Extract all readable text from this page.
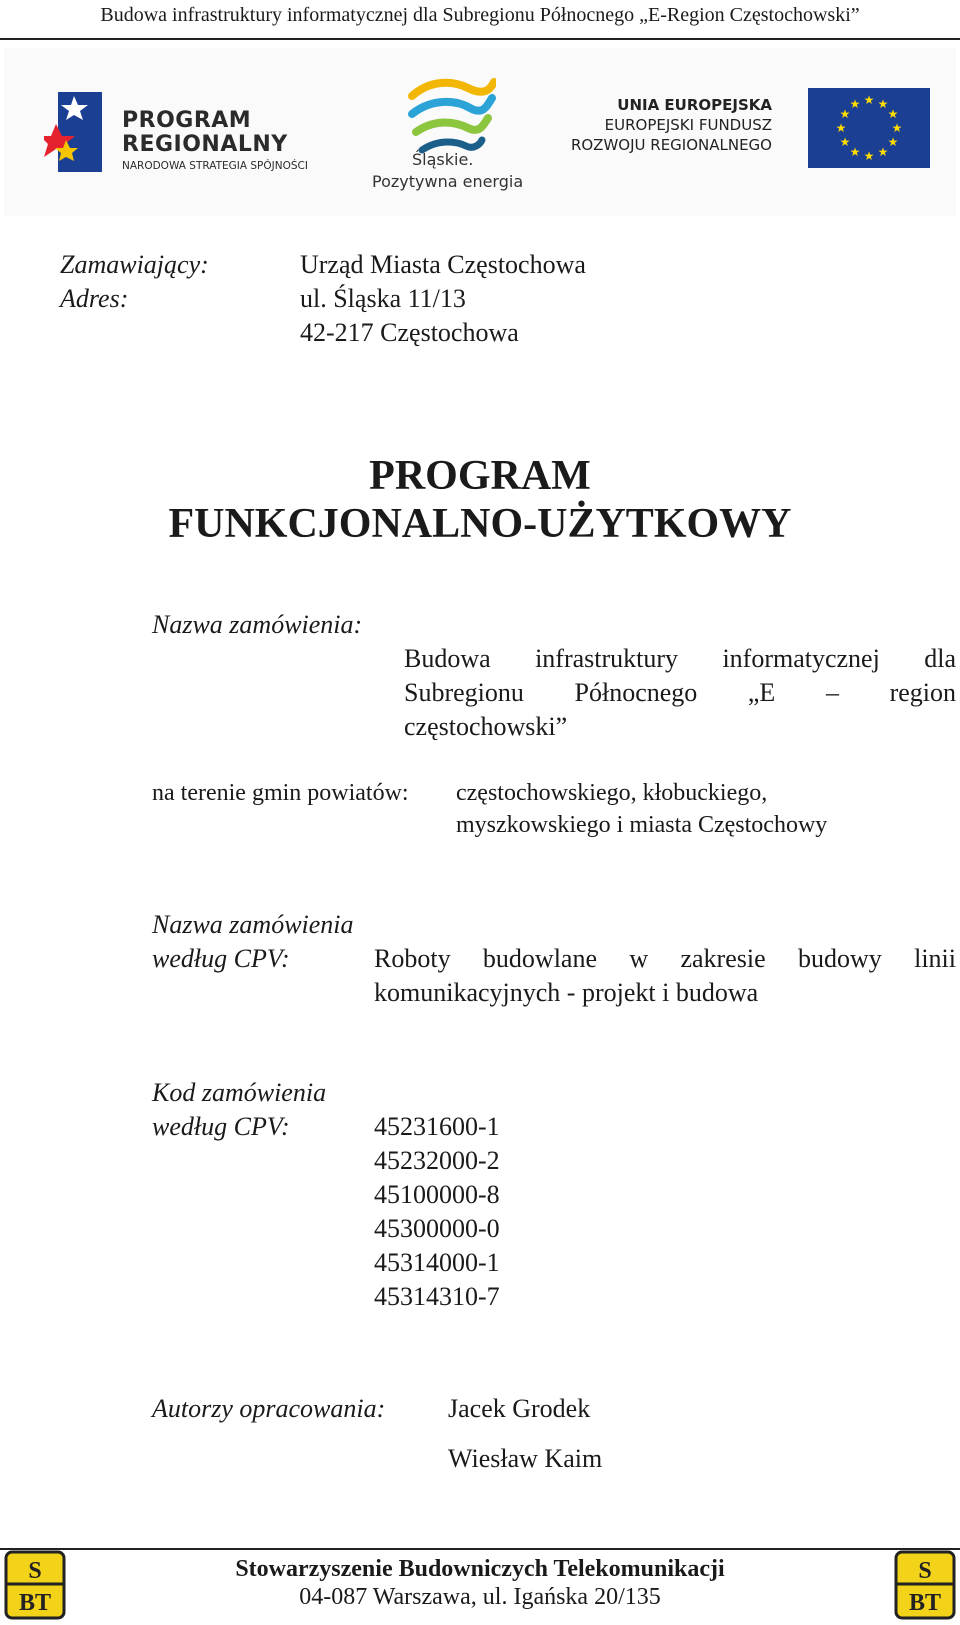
Budowa infrastruktury informatycznej dla Subregionu Północnego „E-Region Częstochowski”
PROGRAM
REGIONALNY
NARODOWA STRATEGIA SPÓJNOŚCI	Śląskie.
Pozytywna energia
UNIA EUROPEJSKA
EUROPEJSKI FUNDUSZ
ROZWOJU REGIONALNEGO
★ ★
★
★
★
★
★
★
★
★
★
★
Zamawiający:	Urząd Miasta Częstochowa
Adres:	ul. Śląska 11/13
42-217 Częstochowa
PROGRAM
FUNKCJONALNO-UŻYTKOWY
Nazwa zamówienia:
Budowa infrastruktury informatycznej dla
Subregionu Północnego „E – region
częstochowski”
na terenie gmin powiatów: częstochowskiego, kłobuckiego,
myszkowskiego i miasta Częstochowy
Nazwa zamówienia
według CPV:	Roboty budowlane w zakresie budowy linii
komunikacyjnych - projekt i budowa
Kod zamówienia
według CPV:	45231600-1
45232000-2
45100000-8
45300000-0
45314000-1
45314310-7
Autorzy opracowania: Jacek Grodek
Wiesław Kaim
S
BT
S
BT
Stowarzyszenie Budowniczych Telekomunikacji
04-087 Warszawa, ul. Igańska 20/135
